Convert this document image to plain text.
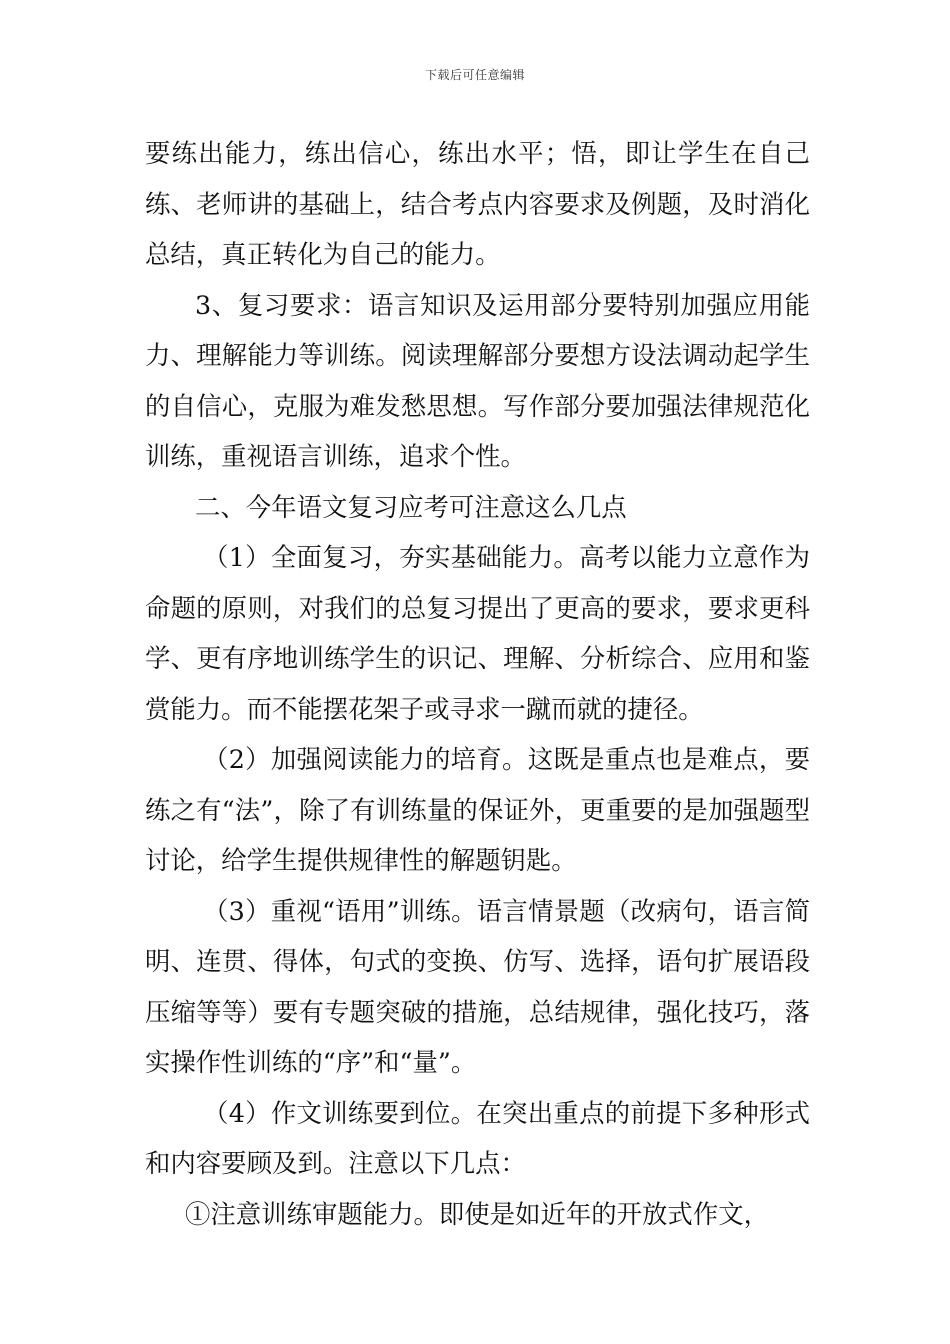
下载后可任意编辑

要练出能力，练出信心，练出水平；悟，即让学生在自己练、老师讲的基础上，结合考点内容要求及例题，及时消化总结，真正转化为自己的能力。

3、复习要求：语言知识及运用部分要特别加强应用能力、理解能力等训练。阅读理解部分要想方设法调动起学生的自信心，克服为难发愁思想。写作部分要加强法律规范化训练，重视语言训练，追求个性。

二、今年语文复习应考可注意这么几点

（1）全面复习，夯实基础能力。高考以能力立意作为命题的原则，对我们的总复习提出了更高的要求，要求更科学、更有序地训练学生的识记、理解、分析综合、应用和鉴赏能力。而不能摆花架子或寻求一蹴而就的捷径。

（2）加强阅读能力的培育。这既是重点也是难点，要练之有“法”，除了有训练量的保证外，更重要的是加强题型讨论，给学生提供规律性的解题钥匙。

（3）重视“语用”训练。语言情景题（改病句，语言简明、连贯、得体，句式的变换、仿写、选择，语句扩展语段压缩等等）要有专题突破的措施，总结规律，强化技巧，落实操作性训练的“序”和“量”。

（4）作文训练要到位。在突出重点的前提下多种形式和内容要顾及到。注意以下几点：

①注意训练审题能力。即使是如近年的开放式作文，
